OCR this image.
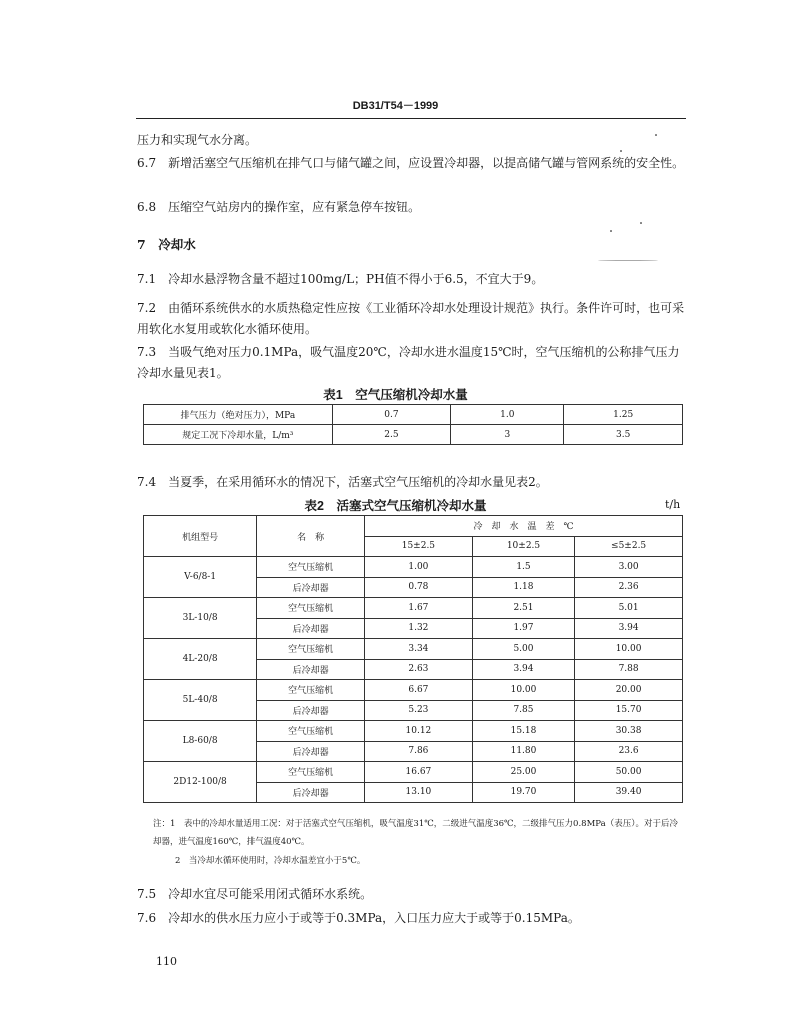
DB31/T54－1999

压力和实现气水分离。

6.7　新增活塞空气压缩机在排气口与储气罐之间，应设置冷却器，以提高储气罐与管网系统的安全性。

6.8　压缩空气站房内的操作室，应有紧急停车按钮。

7　冷却水

7.1　冷却水悬浮物含量不超过100mg/L；PH值不得小于6.5，不宜大于9。

7.2　由循环系统供水的水质热稳定性应按《工业循环冷却水处理设计规范》执行。条件许可时，也可采用软化水复用或软化水循环使用。

7.3　当吸气绝对压力0.1MPa，吸气温度20℃，冷却水进水温度15℃时，空气压缩机的公称排气压力冷却水量见表1。

表1　空气压缩机冷却水量
排气压力（绝对压力），MPa	0.7	1.0	1.25
规定工况下冷却水量，L/m³	2.5	3	3.5

7.4　当夏季，在采用循环水的情况下，活塞式空气压缩机的冷却水量见表2。

表2　活塞式空气压缩机冷却水量	t/h
机组型号	名　称	冷　却　水　温　差　℃		
		15±2.5	10±2.5	≤5±2.5
V-6/8-1	空气压缩机	1.00	1.5	3.00
	后冷却器	0.78	1.18	2.36
3L-10/8	空气压缩机	1.67	2.51	5.01
	后冷却器	1.32	1.97	3.94
4L-20/8	空气压缩机	3.34	5.00	10.00
	后冷却器	2.63	3.94	7.88
5L-40/8	空气压缩机	6.67	10.00	20.00
	后冷却器	5.23	7.85	15.70
L8-60/8	空气压缩机	10.12	15.18	30.38
	后冷却器	7.86	11.80	23.6
2D12-100/8	空气压缩机	16.67	25.00	50.00
	后冷却器	13.10	19.70	39.40
注：1　表中的冷却水量适用工况：对于活塞式空气压缩机，吸气温度31℃，二级进气温度36℃，二级排气压力0.8MPa（表压）。对于后冷却器，进气温度160℃，排气温度40℃。
2　当冷却水循环使用时，冷却水温差宜小于5℃。

7.5　冷却水宜尽可能采用闭式循环水系统。

7.6　冷却水的供水压力应小于或等于0.3MPa，入口压力应大于或等于0.15MPa。

110
